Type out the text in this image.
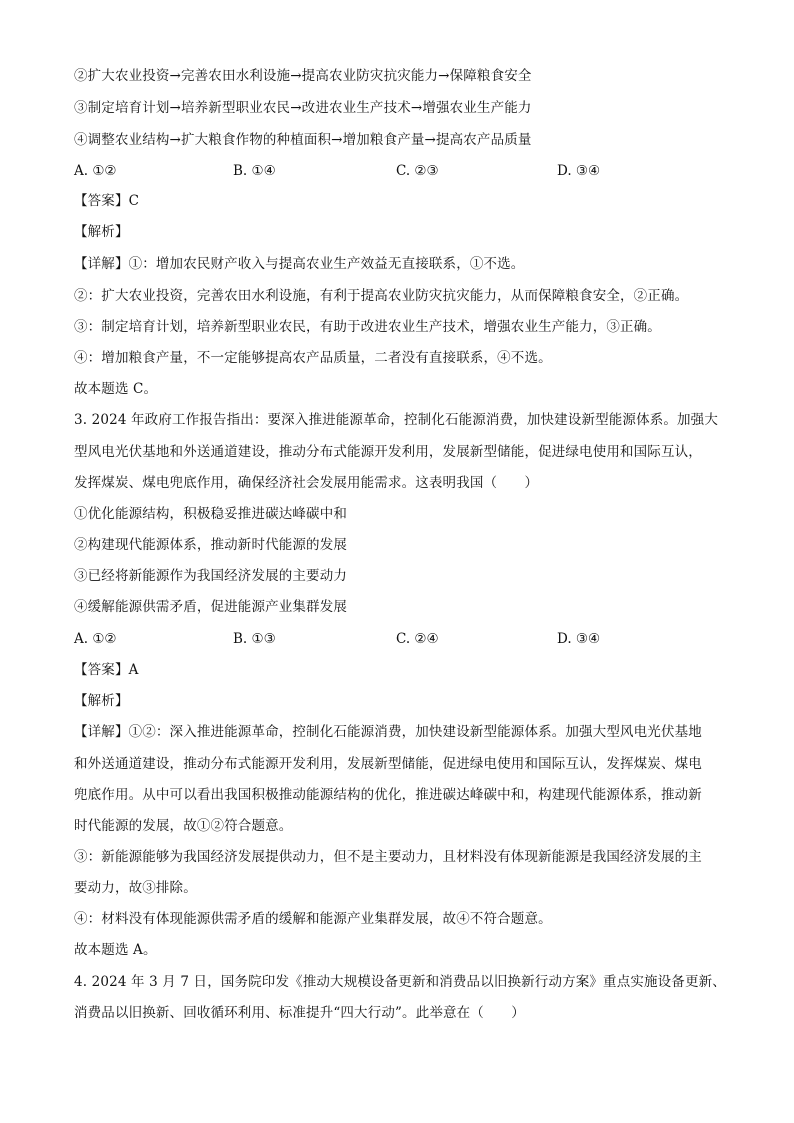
②扩大农业投资→完善农田水利设施→提高农业防灾抗灾能力→保障粮食安全
③制定培育计划→培养新型职业农民→改进农业生产技术→增强农业生产能力
④调整农业结构→扩大粮食作物的种植面积→增加粮食产量→提高农产品质量
A. ①②	B. ①④	C. ②③	D. ③④
【答案】C
【解析】
【详解】①：增加农民财产收入与提高农业生产效益无直接联系，①不选。
②：扩大农业投资，完善农田水利设施，有利于提高农业防灾抗灾能力，从而保障粮食安全，②正确。
③：制定培育计划，培养新型职业农民，有助于改进农业生产技术，增强农业生产能力，③正确。
④：增加粮食产量，不一定能够提高农产品质量，二者没有直接联系，④不选。
故本题选 C。
3. 2024 年政府工作报告指出：要深入推进能源革命，控制化石能源消费，加快建设新型能源体系。加强大
型风电光伏基地和外送通道建设，推动分布式能源开发利用，发展新型储能，促进绿电使用和国际互认，
发挥煤炭、煤电兜底作用，确保经济社会发展用能需求。这表明我国（　　）
①优化能源结构，积极稳妥推进碳达峰碳中和
②构建现代能源体系，推动新时代能源的发展
③已经将新能源作为我国经济发展的主要动力
④缓解能源供需矛盾，促进能源产业集群发展
A. ①②	B. ①③	C. ②④	D. ③④
【答案】A
【解析】
【详解】①②：深入推进能源革命，控制化石能源消费，加快建设新型能源体系。加强大型风电光伏基地
和外送通道建设，推动分布式能源开发利用，发展新型储能，促进绿电使用和国际互认，发挥煤炭、煤电
兜底作用。从中可以看出我国积极推动能源结构的优化，推进碳达峰碳中和，构建现代能源体系，推动新
时代能源的发展，故①②符合题意。
③：新能源能够为我国经济发展提供动力，但不是主要动力，且材料没有体现新能源是我国经济发展的主
要动力，故③排除。
④：材料没有体现能源供需矛盾的缓解和能源产业集群发展，故④不符合题意。
故本题选 A。
4. 2024 年 3 月 7 日，国务院印发《推动大规模设备更新和消费品以旧换新行动方案》重点实施设备更新、
消费品以旧换新、回收循环利用、标准提升“四大行动”。此举意在（　　）
